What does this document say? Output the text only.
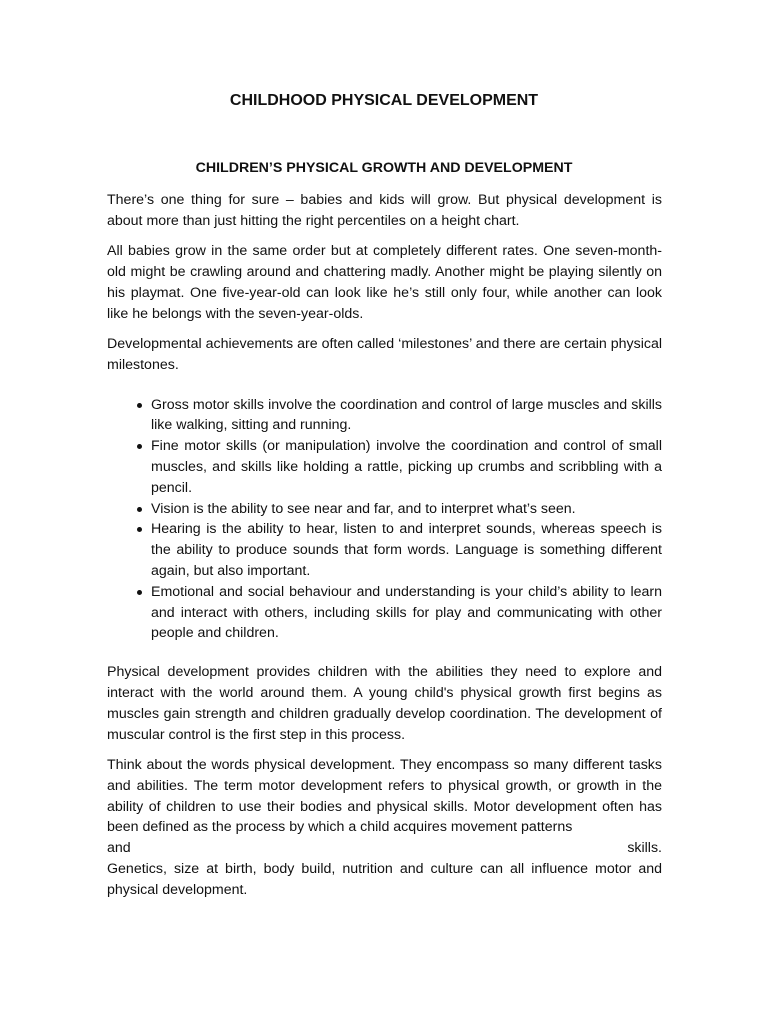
CHILDHOOD PHYSICAL DEVELOPMENT
CHILDREN’S PHYSICAL GROWTH AND DEVELOPMENT

There’s one thing for sure – babies and kids will grow. But physical development is about more than just hitting the right percentiles on a height chart.

All babies grow in the same order but at completely different rates. One seven-month-old might be crawling around and chattering madly. Another might be playing silently on his playmat. One five-year-old can look like he’s still only four, while another can look like he belongs with the seven-year-olds.

Developmental achievements are often called ‘milestones’ and there are certain physical milestones.

Gross motor skills involve the coordination and control of large muscles and skills like walking, sitting and running.
Fine motor skills (or manipulation) involve the coordination and control of small muscles, and skills like holding a rattle, picking up crumbs and scribbling with a pencil.
Vision is the ability to see near and far, and to interpret what’s seen.
Hearing is the ability to hear, listen to and interpret sounds, whereas speech is the ability to produce sounds that form words. Language is something different again, but also important.
Emotional and social behaviour and understanding is your child’s ability to learn and interact with others, including skills for play and communicating with other people and children.

Physical development provides children with the abilities they need to explore and interact with the world around them. A young child's physical growth first begins as muscles gain strength and children gradually develop coordination. The development of muscular control is the first step in this process.

Think about the words physical development. They encompass so many different tasks and abilities. The term motor development refers to physical growth, or growth in the ability of children to use their bodies and physical skills. Motor development often has been defined as the process by which a child acquires movement patterns
and	skills.
Genetics, size at birth, body build, nutrition and culture can all influence motor and physical development.
